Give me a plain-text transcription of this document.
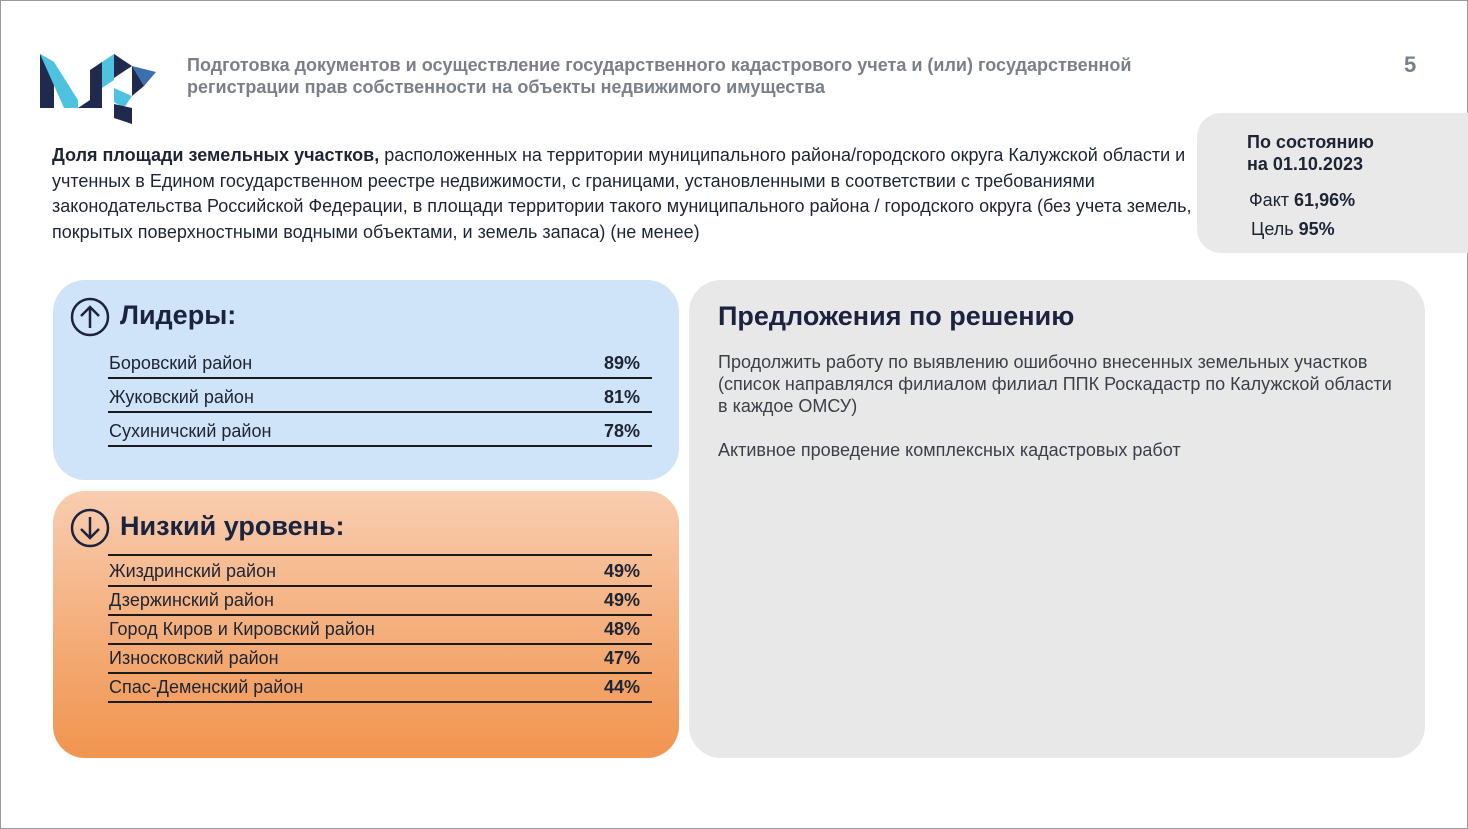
Подготовка документов и осуществление государственного кадастрового учета и (или) государственной регистрации прав собственности на объекты недвижимого имущества
5
Доля площади земельных участков, расположенных на территории муниципального района/городского округа Калужской области и учтенных в Едином государственном реестре недвижимости, с границами, установленными в соответствии с требованиями законодательства Российской Федерации, в площади территории такого муниципального района / городского округа (без учета земель, покрытых поверхностными водными объектами, и земель запаса) (не менее)
По состоянию
на 01.10.2023
Факт 61,96%
Цель 95%
Лидеры:
Боровский район	89%
Жуковский район	81%
Сухиничский район	78%
Низкий уровень:
Жиздринский район	49%
Дзержинский район	49%
Город Киров и Кировский район	48%
Износковский район	47%
Спас-Деменский район	44%
Предложения по решению
Продолжить работу по выявлению ошибочно внесенных земельных участков (список направлялся филиалом филиал ППК Роскадастр по Калужской области в каждое ОМСУ)
Активное проведение комплексных кадастровых работ
